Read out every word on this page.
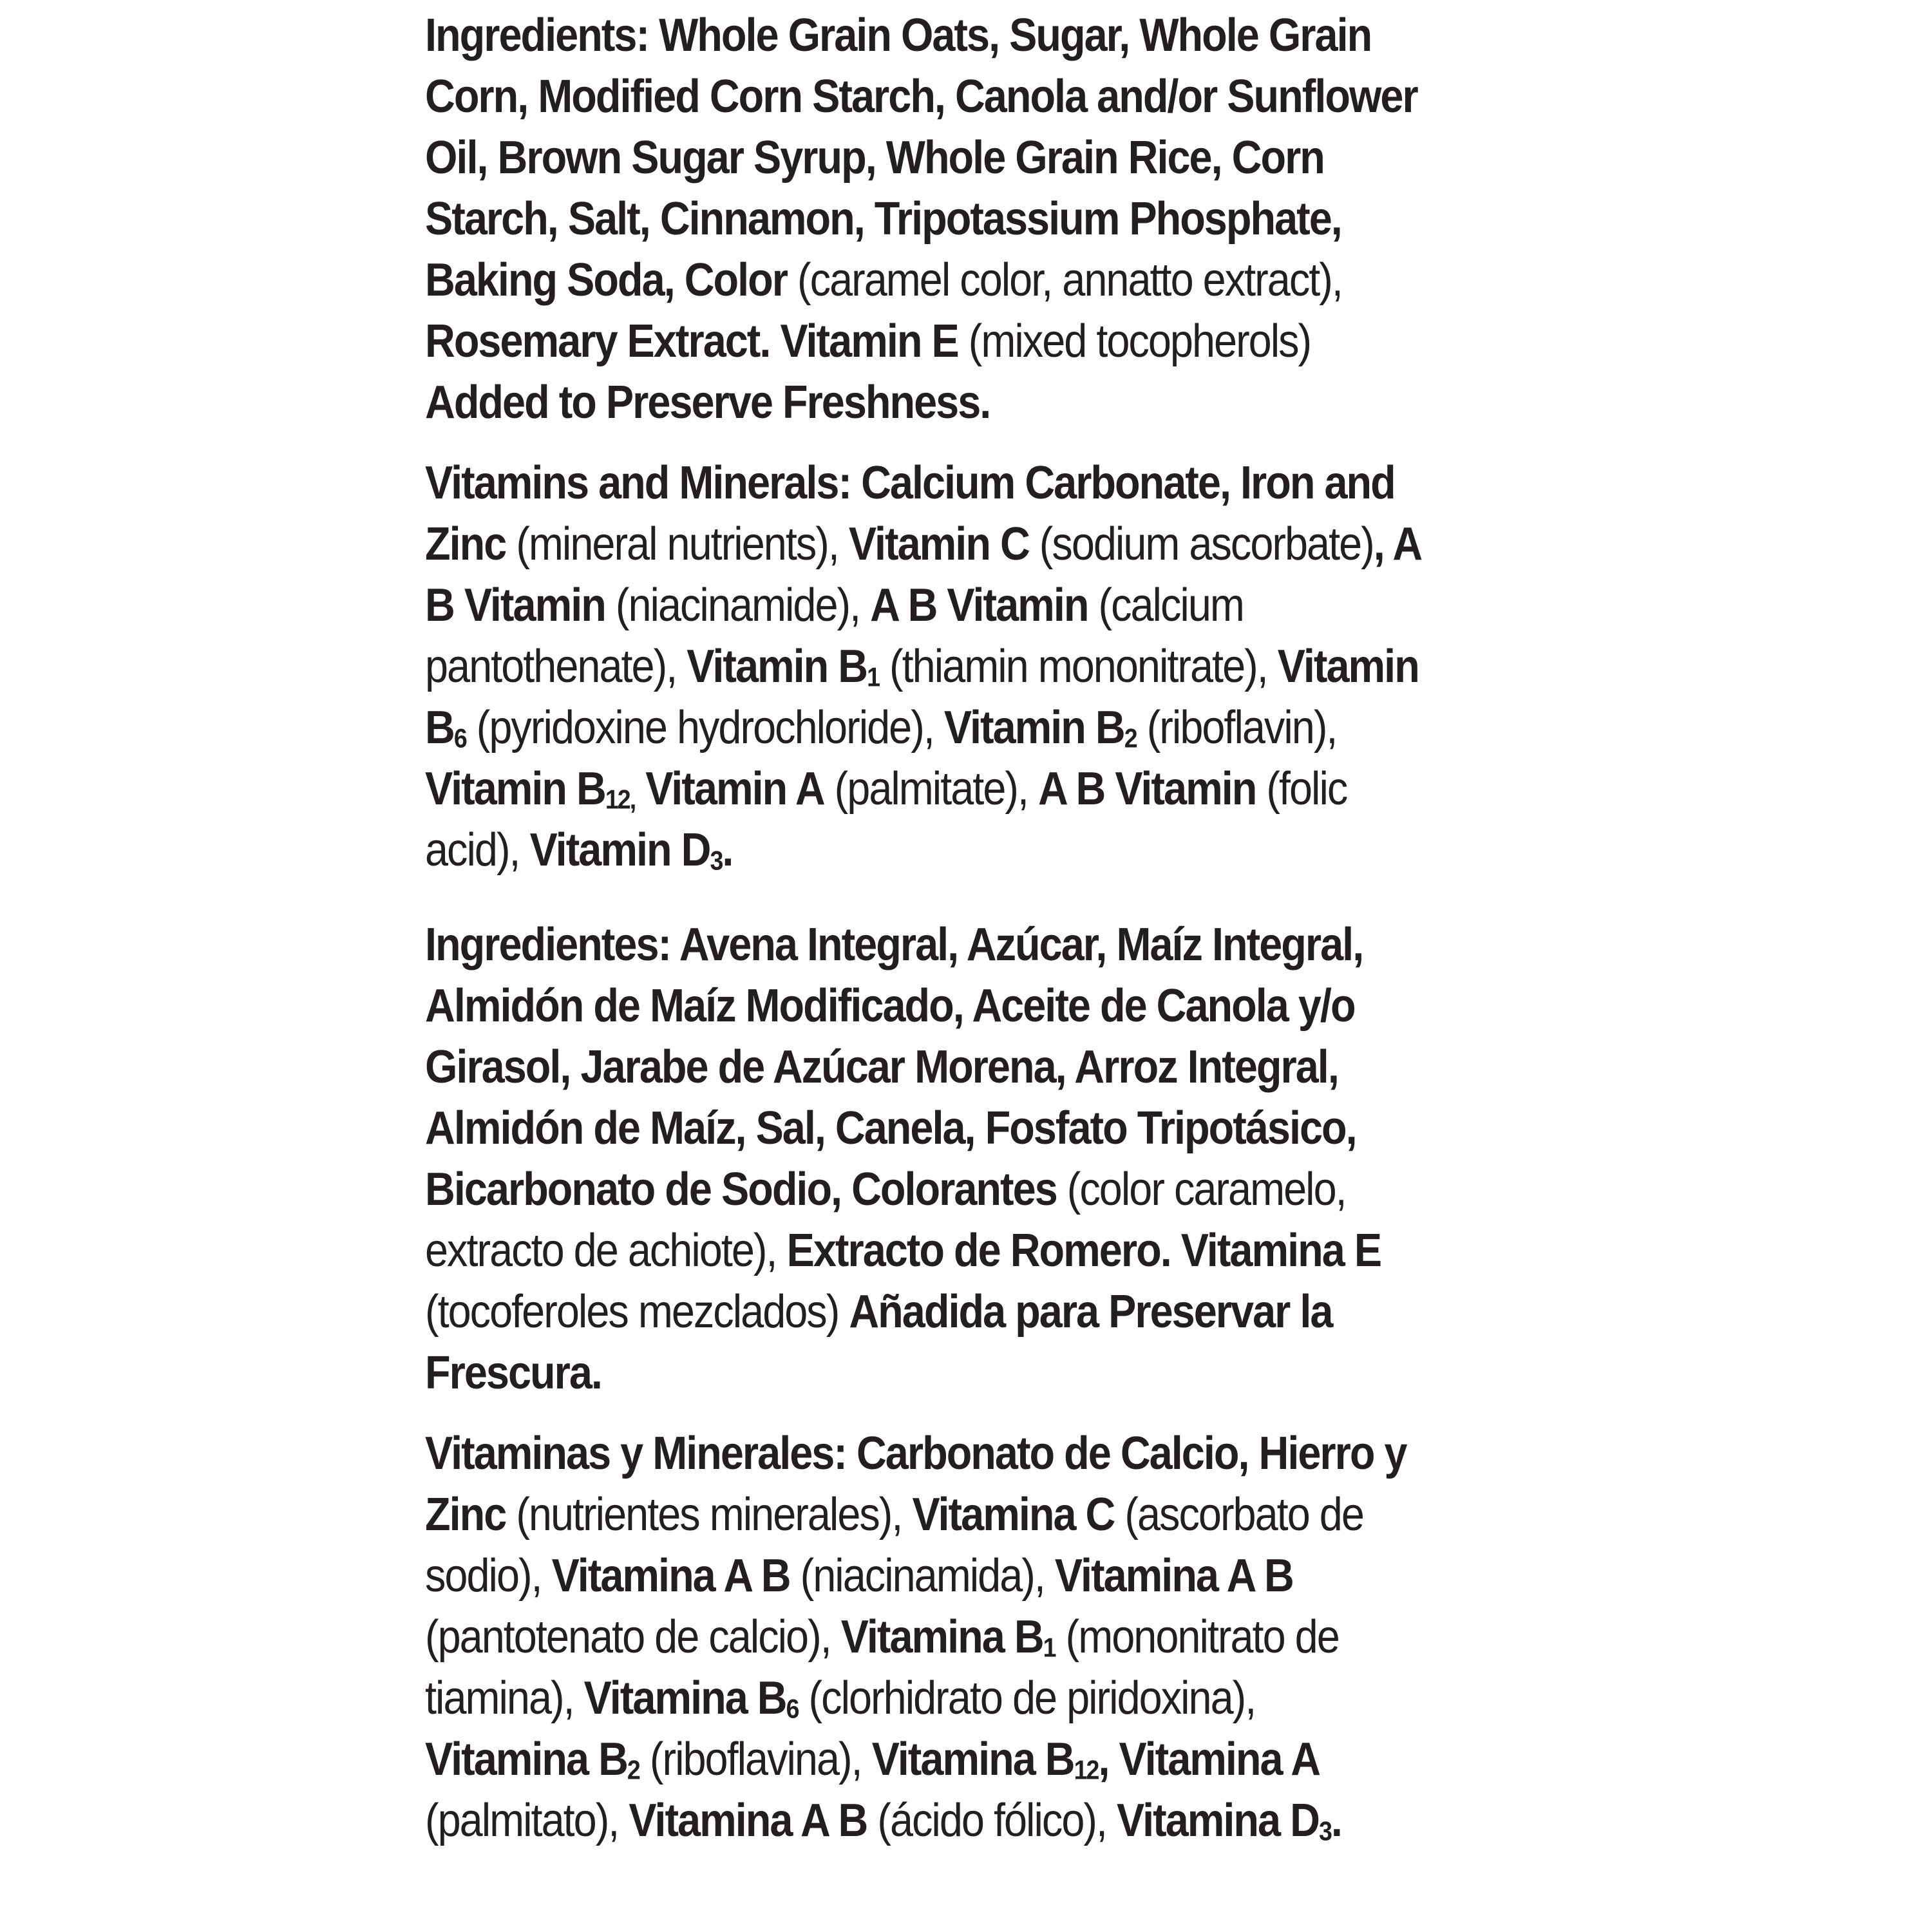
Ingredients: Whole Grain Oats, Sugar, Whole Grain Corn, Modified Corn Starch, Canola and/or Sunflower Oil, Brown Sugar Syrup, Whole Grain Rice, Corn Starch, Salt, Cinnamon, Tripotassium Phosphate, Baking Soda, Color (caramel color, annatto extract), Rosemary Extract. Vitamin E (mixed tocopherols) Added to Preserve Freshness.

Vitamins and Minerals: Calcium Carbonate, Iron and Zinc (mineral nutrients), Vitamin C (sodium ascorbate), A B Vitamin (niacinamide), A B Vitamin (calcium pantothenate), Vitamin $B_1$ (thiamin mononitrate), Vitamin $B_6$ (pyridoxine hydrochloride), Vitamin $B_2$ (riboflavin), Vitamin $B_{12,}$ Vitamin A (palmitate), A B Vitamin (folic acid), Vitamin $D_3$.

Ingredientes: Avena Integral, Azúcar, Maíz Integral, Almidón de Maíz Modificado, Aceite de Canola y/o Girasol, Jarabe de Azúcar Morena, Arroz Integral, Almidón de Maíz, Sal, Canela, Fosfato Tripotásico, Bicarbonato de Sodio, Colorantes (color caramelo, extracto de achiote), Extracto de Romero. Vitamina E (tocoferoles mezclados) Añadida para Preservar la Frescura.

Vitaminas y Minerales: Carbonato de Calcio, Hierro y Zinc (nutrientes minerales), Vitamina C (ascorbato de sodio), Vitamina A B (niacinamida), Vitamina A B (pantotenato de calcio), Vitamina $B_1$ (mononitrato de tiamina), Vitamina $B_6$ (clorhidrato de piridoxina), Vitamina $B_2$ (riboflavina), Vitamina $B_{12}$, Vitamina A (palmitato), Vitamina A B (ácido fólico), Vitamina $D_3$.
